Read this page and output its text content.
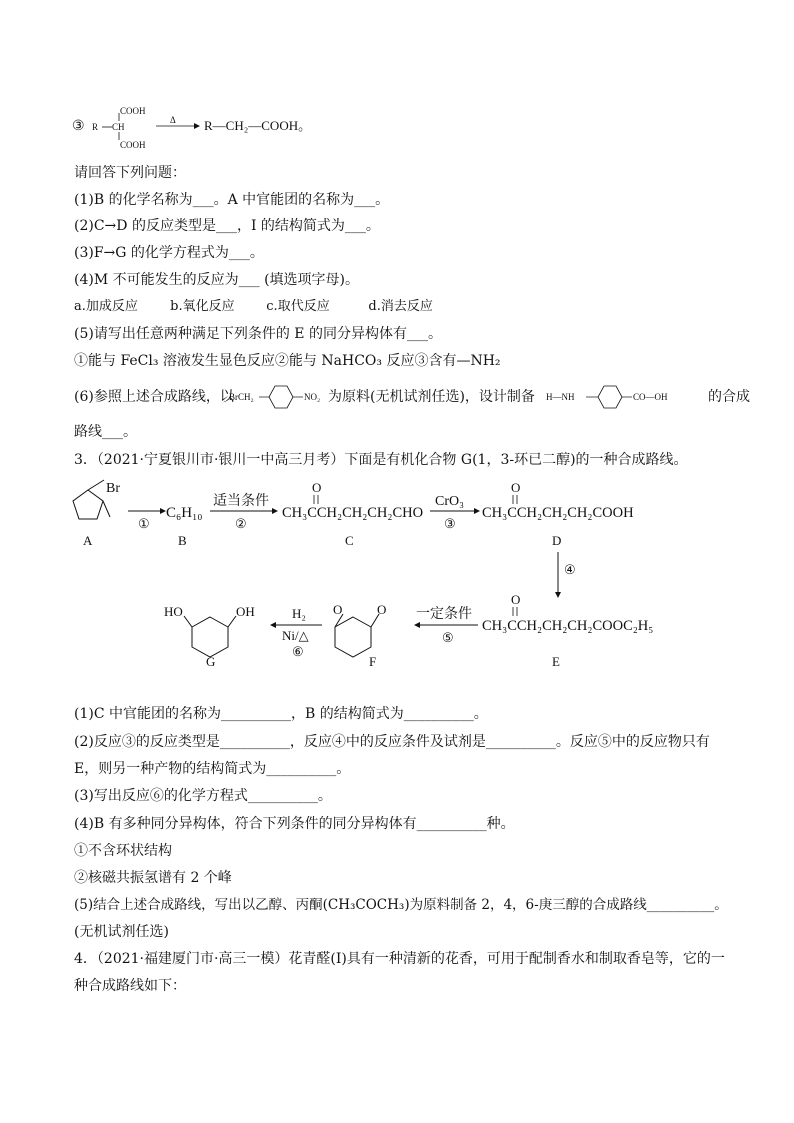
③ R CH
COOH
COOH
Δ R—CH₂—COOH。
请回答下列问题：
(1)B 的化学名称为___。A 中官能团的名称为___。
(2)C→D 的反应类型是___，I 的结构简式为___。
(3)F→G 的化学方程式为___。
(4)M 不可能发生的反应为___ (填选项字母)。
a.加成反应 b.氧化反应 c.取代反应	d.消去反应
(5)请写出任意两种满足下列条件的 E 的同分异构体有___。
①能与 FeCl₃ 溶液发生显色反应②能与 NaHCO₃ 反应③含有—NH₂
(6)参照上述合成路线，以
BrCH₂	NO₂ 为原料(无机试剂任选)，设计制备 H—NH	CO—OH	的合成
路线___。
3．（2021·宁夏银川市·银川一中高三月考）下面是有机化合物 G(1，3-环已二醇)的一种合成路线。
Br
A
①
C₆H₁₀
B
适当条件
②
O
CH₃CCH₂CH₂CH₂CHO
C
CrO₃
③
O
CH₃CCH₂CH₂CH₂COOH
D
④
O
CH₃CCH₂CH₂CH₂COOC₂H₅
E
一定条件
⑤
O	O
F
H₂
Ni/△
⑥
HO	OH
G
(1)C 中官能团的名称为__________，B 的结构简式为__________。
(2)反应③的反应类型是__________，反应④中的反应条件及试剂是__________。反应⑤中的反应物只有
E，则另一种产物的结构简式为__________。
(3)写出反应⑥的化学方程式__________。
(4)B 有多种同分异构体，符合下列条件的同分异构体有__________种。
①不含环状结构
②核磁共振氢谱有 2 个峰
(5)结合上述合成路线，写出以乙醇、丙酮(CH₃COCH₃)为原料制备 2，4，6-庚三醇的合成路线__________。
(无机试剂任选)
4．（2021·福建厦门市·高三一模）花青醛(I)具有一种清新的花香，可用于配制香水和制取香皂等，它的一
种合成路线如下：
